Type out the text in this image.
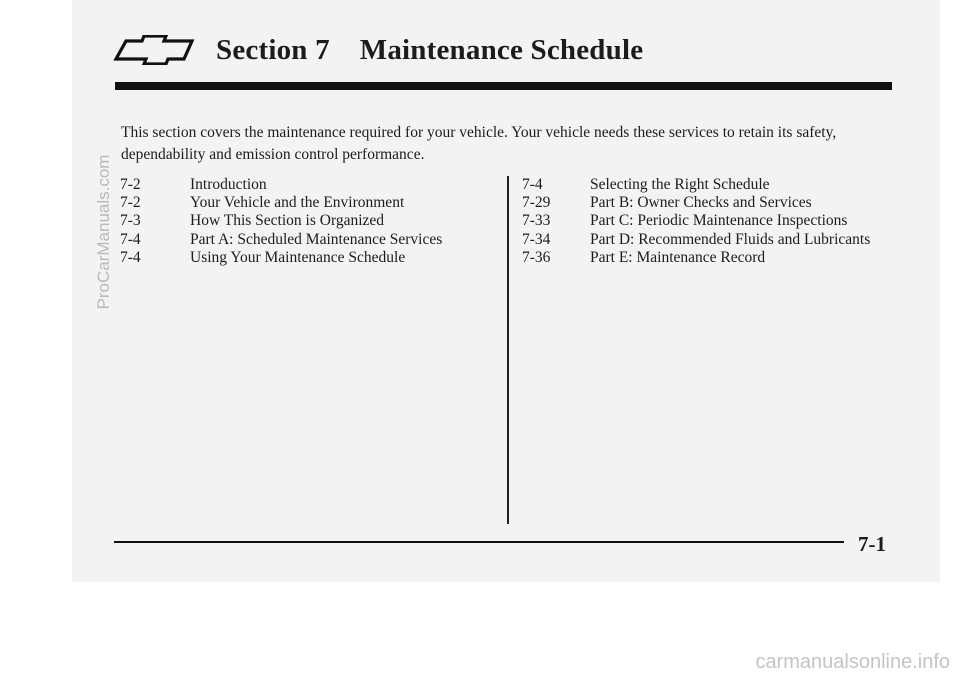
Section 7 Maintenance Schedule
This section covers the maintenance required for your vehicle. Your vehicle needs these services to retain its safety, dependability and emission control performance.
7-2	Introduction
7-2	Your Vehicle and the Environment
7-3	How This Section is Organized
7-4	Part A: Scheduled Maintenance Services
7-4	Using Your Maintenance Schedule
7-4	Selecting the Right Schedule
7-29	Part B: Owner Checks and Services
7-33	Part C: Periodic Maintenance Inspections
7-34	Part D: Recommended Fluids and Lubricants
7-36	Part E: Maintenance Record
7-1
ProCarManuals.com
carmanualsonline.info
